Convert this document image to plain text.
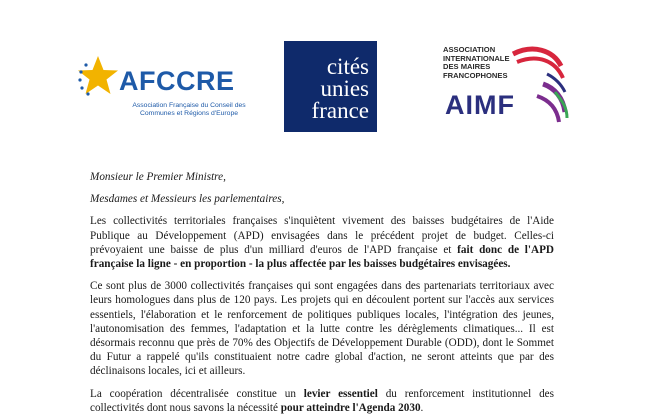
AFCCRE
Association Française du Conseil des Communes et Régions d'Europe
cités
unies
france
ASSOCIATION
INTERNATIONALE
DES MAIRES
FRANCOPHONES
AIMF

Monsieur le Premier Ministre,

Mesdames et Messieurs les parlementaires,

Les collectivités territoriales françaises s'inquiètent vivement des baisses budgétaires de l'Aide Publique au Développement (APD) envisagées dans le précédent projet de budget. Celles-ci prévoyaient une baisse de plus d'un milliard d'euros de l'APD française et fait donc de l'APD française la ligne - en proportion - la plus affectée par les baisses budgétaires envisagées.

Ce sont plus de 3000 collectivités françaises qui sont engagées dans des partenariats territoriaux avec leurs homologues dans plus de 120 pays. Les projets qui en découlent portent sur l'accès aux services essentiels, l'élaboration et le renforcement de politiques publiques locales, l'intégration des jeunes, l'autonomisation des femmes, l'adaptation et la lutte contre les dérèglements climatiques... Il est désormais reconnu que près de 70% des Objectifs de Développement Durable (ODD), dont le Sommet du Futur a rappelé qu'ils constituaient notre cadre global d'action, ne seront atteints que par des déclinaisons locales, ici et ailleurs.

La coopération décentralisée constitue un levier essentiel du renforcement institutionnel des collectivités dont nous savons la nécessité pour atteindre l'Agenda 2030.
